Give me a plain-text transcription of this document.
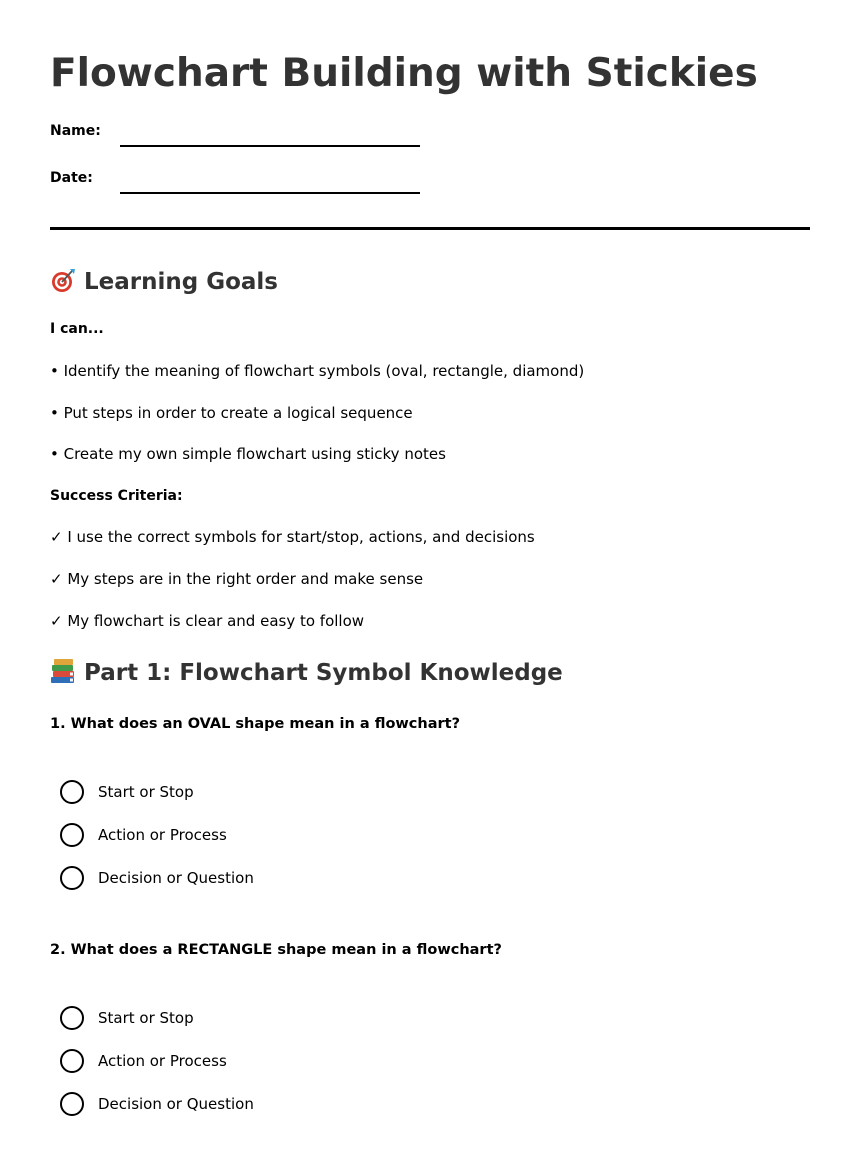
Flowchart Building with Stickies
Name:
Date:
Learning Goals
I can...
• Identify the meaning of flowchart symbols (oval, rectangle, diamond)
• Put steps in order to create a logical sequence
• Create my own simple flowchart using sticky notes
Success Criteria:
✓ I use the correct symbols for start/stop, actions, and decisions
✓ My steps are in the right order and make sense
✓ My flowchart is clear and easy to follow
Part 1: Flowchart Symbol Knowledge
1. What does an OVAL shape mean in a flowchart?
Start or Stop
Action or Process
Decision or Question
2. What does a RECTANGLE shape mean in a flowchart?
Start or Stop
Action or Process
Decision or Question
